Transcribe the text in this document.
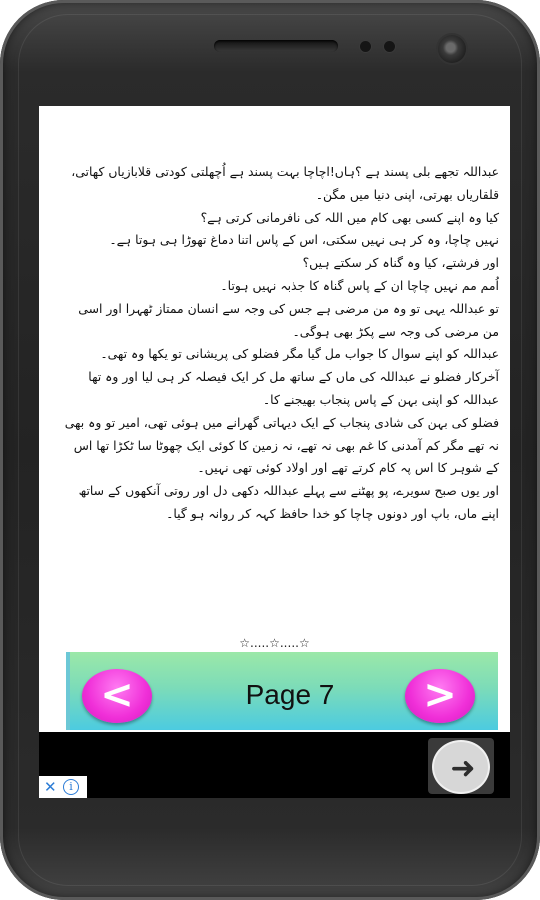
عبداللہ تجھے بلی پسند ہے ؟ہاں!اچاچا بہت پسند ہے اُچھلتی کودتی قلابازیاں کھاتی، قلقاریاں بھرتی، اپنی دنیا میں مگن۔

کیا وہ اپنے کسی بھی کام میں اللہ کی نافرمانی کرتی ہے؟

نہیں چاچا، وہ کر ہی نہیں سکتی، اس کے پاس اتنا دماغ تھوڑا ہی ہوتا ہے۔

اور فرشتے، کیا وہ گناہ کر سکتے ہیں؟

اُمم مم نہیں چاچا ان کے پاس گناہ کا جذبہ نہیں ہوتا۔

تو عبداللہ یہی تو وہ من مرضی ہے جس کی وجہ سے انسان ممتاز ٹھہرا اور اسی من مرضی کی وجہ سے پکڑ بھی ہوگی۔

عبداللہ کو اپنے سوال کا جواب مل گیا مگر فضلو کی پریشانی تو یکھا وہ تھی۔

آخرکار فضلو نے عبداللہ کی ماں کے ساتھ مل کر ایک فیصلہ کر ہی لیا اور وہ تھا عبداللہ کو اپنی بہن کے پاس پنجاب بھیجنے کا۔

فضلو کی بہن کی شادی پنجاب کے ایک دیہاتی گھرانے میں ہوئی تھی، امیر تو وہ بھی نہ تھے مگر کم آمدنی کا غم بھی نہ تھے، نہ زمین کا کوئی ایک چھوٹا سا ٹکڑا تھا اس کے شوہر کا اس پہ کام کرتے تھے اور اولاد کوئی تھی نہیں۔

اور یوں صبح سویرے، پو پھٹنے سے پہلے عبداللہ دکھی دل اور روتی آنکھوں کے ساتھ اپنے ماں، باپ اور دونوں چاچا کو خدا حافظ کہہ کر روانہ ہو گیا۔

☆.....☆.....☆
<	Page 7	>
➜
✕	i
